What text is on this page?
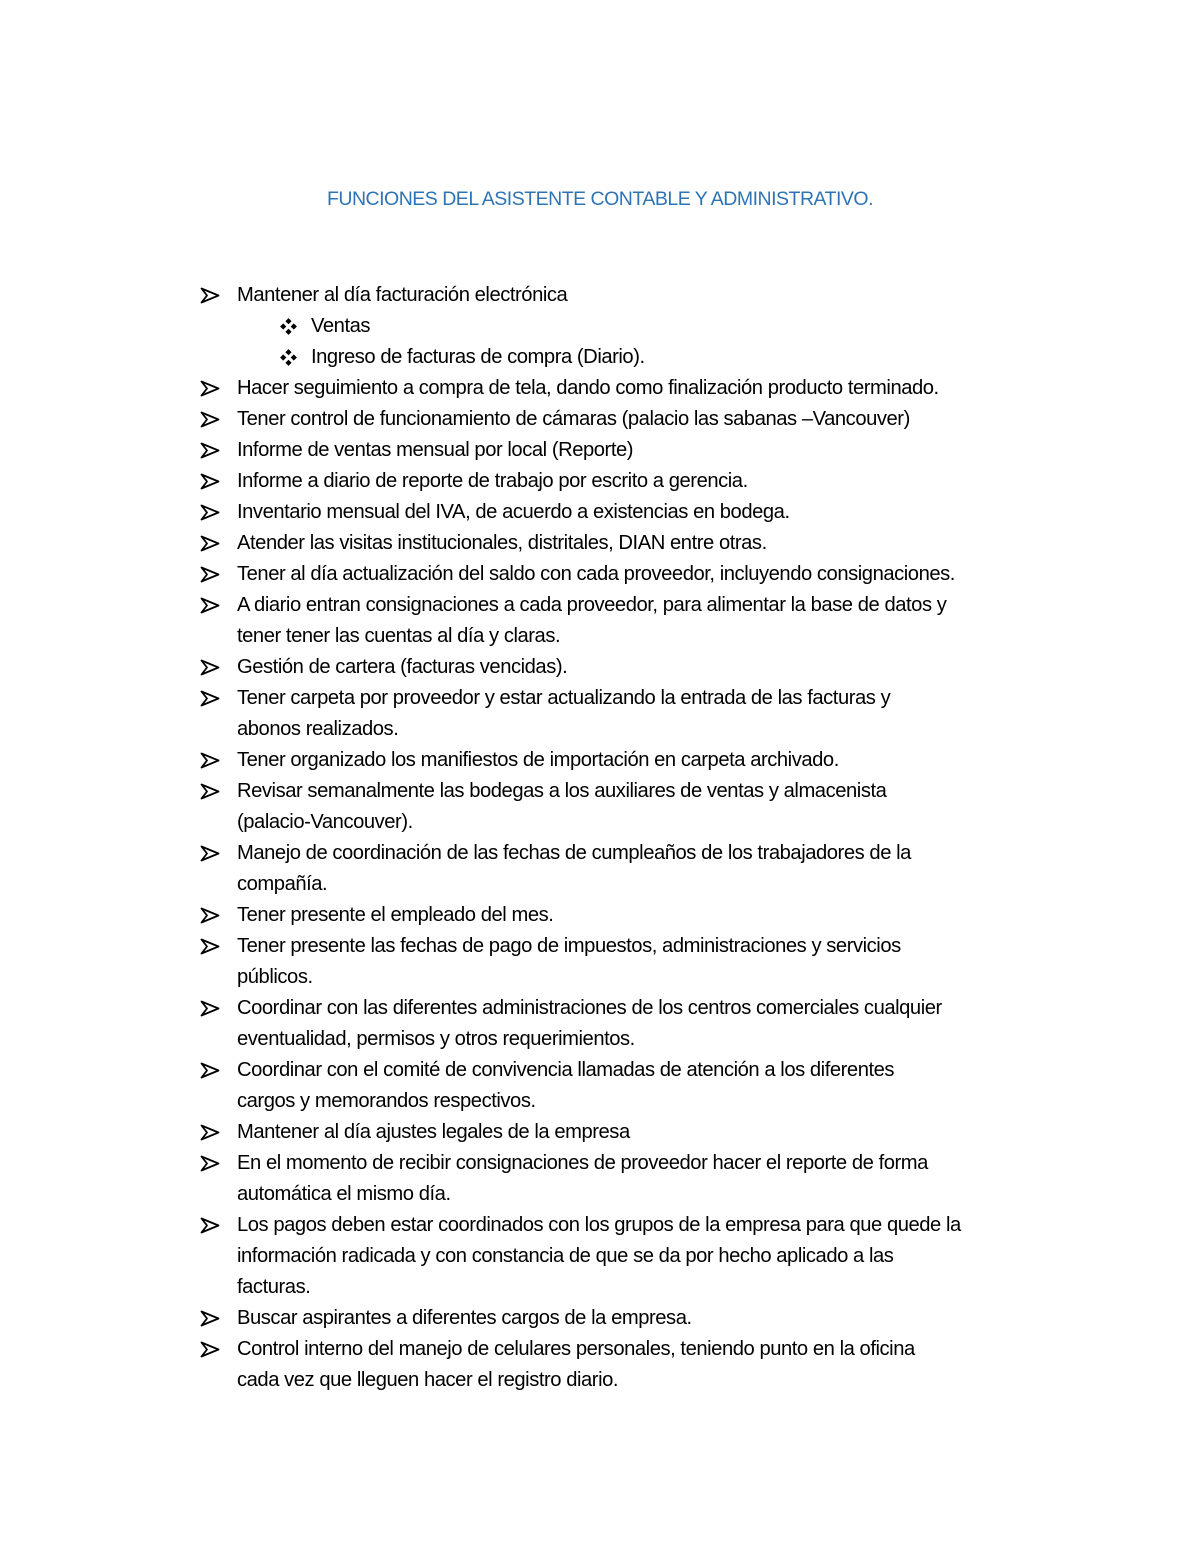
FUNCIONES DEL ASISTENTE CONTABLE Y ADMINISTRATIVO.
Mantener al día facturación electrónica
Ventas
Ingreso de facturas de compra (Diario).
Hacer seguimiento a compra de tela, dando como finalización producto terminado.
Tener control de funcionamiento de cámaras (palacio las sabanas –Vancouver)
Informe de ventas mensual por local (Reporte)
Informe a diario de reporte de trabajo por escrito a gerencia.
Inventario mensual del IVA, de acuerdo a existencias en bodega.
Atender las visitas institucionales, distritales, DIAN entre otras.
Tener al día actualización del saldo con cada proveedor, incluyendo consignaciones.
A diario entran consignaciones a cada proveedor, para alimentar la base de datos y
tener tener las cuentas al día y claras.
Gestión de cartera (facturas vencidas).
Tener carpeta por proveedor y estar actualizando la entrada de las facturas y
abonos realizados.
Tener organizado los manifiestos de importación en carpeta archivado.
Revisar semanalmente las bodegas a los auxiliares de ventas y almacenista
(palacio-Vancouver).
Manejo de coordinación de las fechas de cumpleaños de los trabajadores de la
compañía.
Tener presente el empleado del mes.
Tener presente las fechas de pago de impuestos, administraciones y servicios
públicos.
Coordinar con las diferentes administraciones de los centros comerciales cualquier
eventualidad, permisos y otros requerimientos.
Coordinar con el comité de convivencia llamadas de atención a los diferentes
cargos y memorandos respectivos.
Mantener al día ajustes legales de la empresa
En el momento de recibir consignaciones de proveedor hacer el reporte de forma
automática el mismo día.
Los pagos deben estar coordinados con los grupos de la empresa para que quede la
información radicada y con constancia de que se da por hecho aplicado a las
facturas.
Buscar aspirantes a diferentes cargos de la empresa.
Control interno del manejo de celulares personales, teniendo punto en la oficina
cada vez que lleguen hacer el registro diario.
